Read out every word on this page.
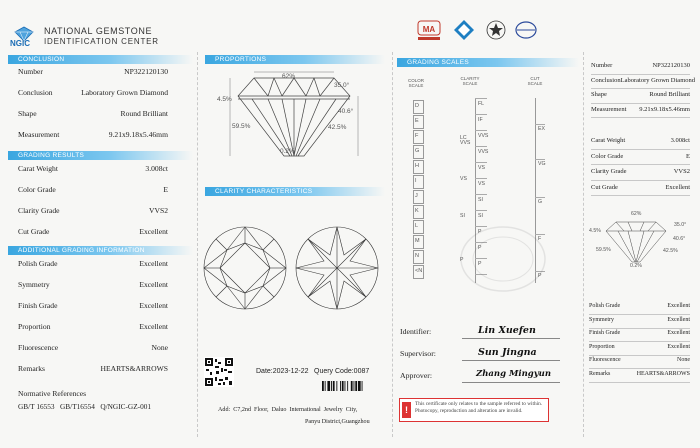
NGIC
NATIONAL GEMSTONE
IDENTIFICATION CENTER
CONCLUSION
Number	NP322120130
Conclusion	Laboratory Grown Diamond
Shape	Round Brilliant
Measurement	9.21x9.18x5.46mm
GRADING RESULTS
Carat Weight	3.008ct
Color Grade	E
Clarity Grade	VVS2
Cut Grade	Excellent
ADDITIONAL GRADING INFORMATION
Polish Grade	Excellent
Symmetry	Excellent
Finish Grade	Excellent
Proportion	Excellent
Fluorescence	None
Remarks	HEARTS&ARROWS
Normative References
GB/T 16553   GB/T16554   Q/NGIC-GZ-001
PROPORTIONS
62%
35.0°
4.5%
40.6°
59.5%	42.5%
0.2%
CLARITY CHARACTERISTICS
Date:2023-12-22 Query Code:0087
Add:  C7,2nd  Floor,  Daluo  International  Jewelry  City,
Panyu District,Guangzhou
MA
GRADING SCALES
COLOR SCALE
CLARITY SCALE
CUT SCALE
D
E
F
G
H
I
J
K
L
M
N
<N
LC
VVS
VS
SI
P
FL
IF
VVS
VVS
VS
VS
SI
SI
P
P
P
EX
VG
G
F
P
Identifier:	Lin Xuefen
Supervisor:	Sun Jingna
Approver:	Zhang Mingyun
!
This certificate only relates to the sample referred to within. Photocopy, reproduction and alteration are invalid.
Number	NP322120130
Conclusion Laboratory Grown Diamond
Shape	Round Brilliant
Measurement 9.21x9.18x5.46mm
Carat Weight	3.008ct
Color Grade	E
Clarity Grade	VVS2
Cut Grade	Excellent
62%
35.0°
4.5%
40.6°
59.5%	42.5%
0.2%
Polish Grade	Excellent
Symmetry	Excellent
Finish Grade	Excellent
Proportion	Excellent
Fluorescence	None
Remarks	HEARTS&ARROWS
